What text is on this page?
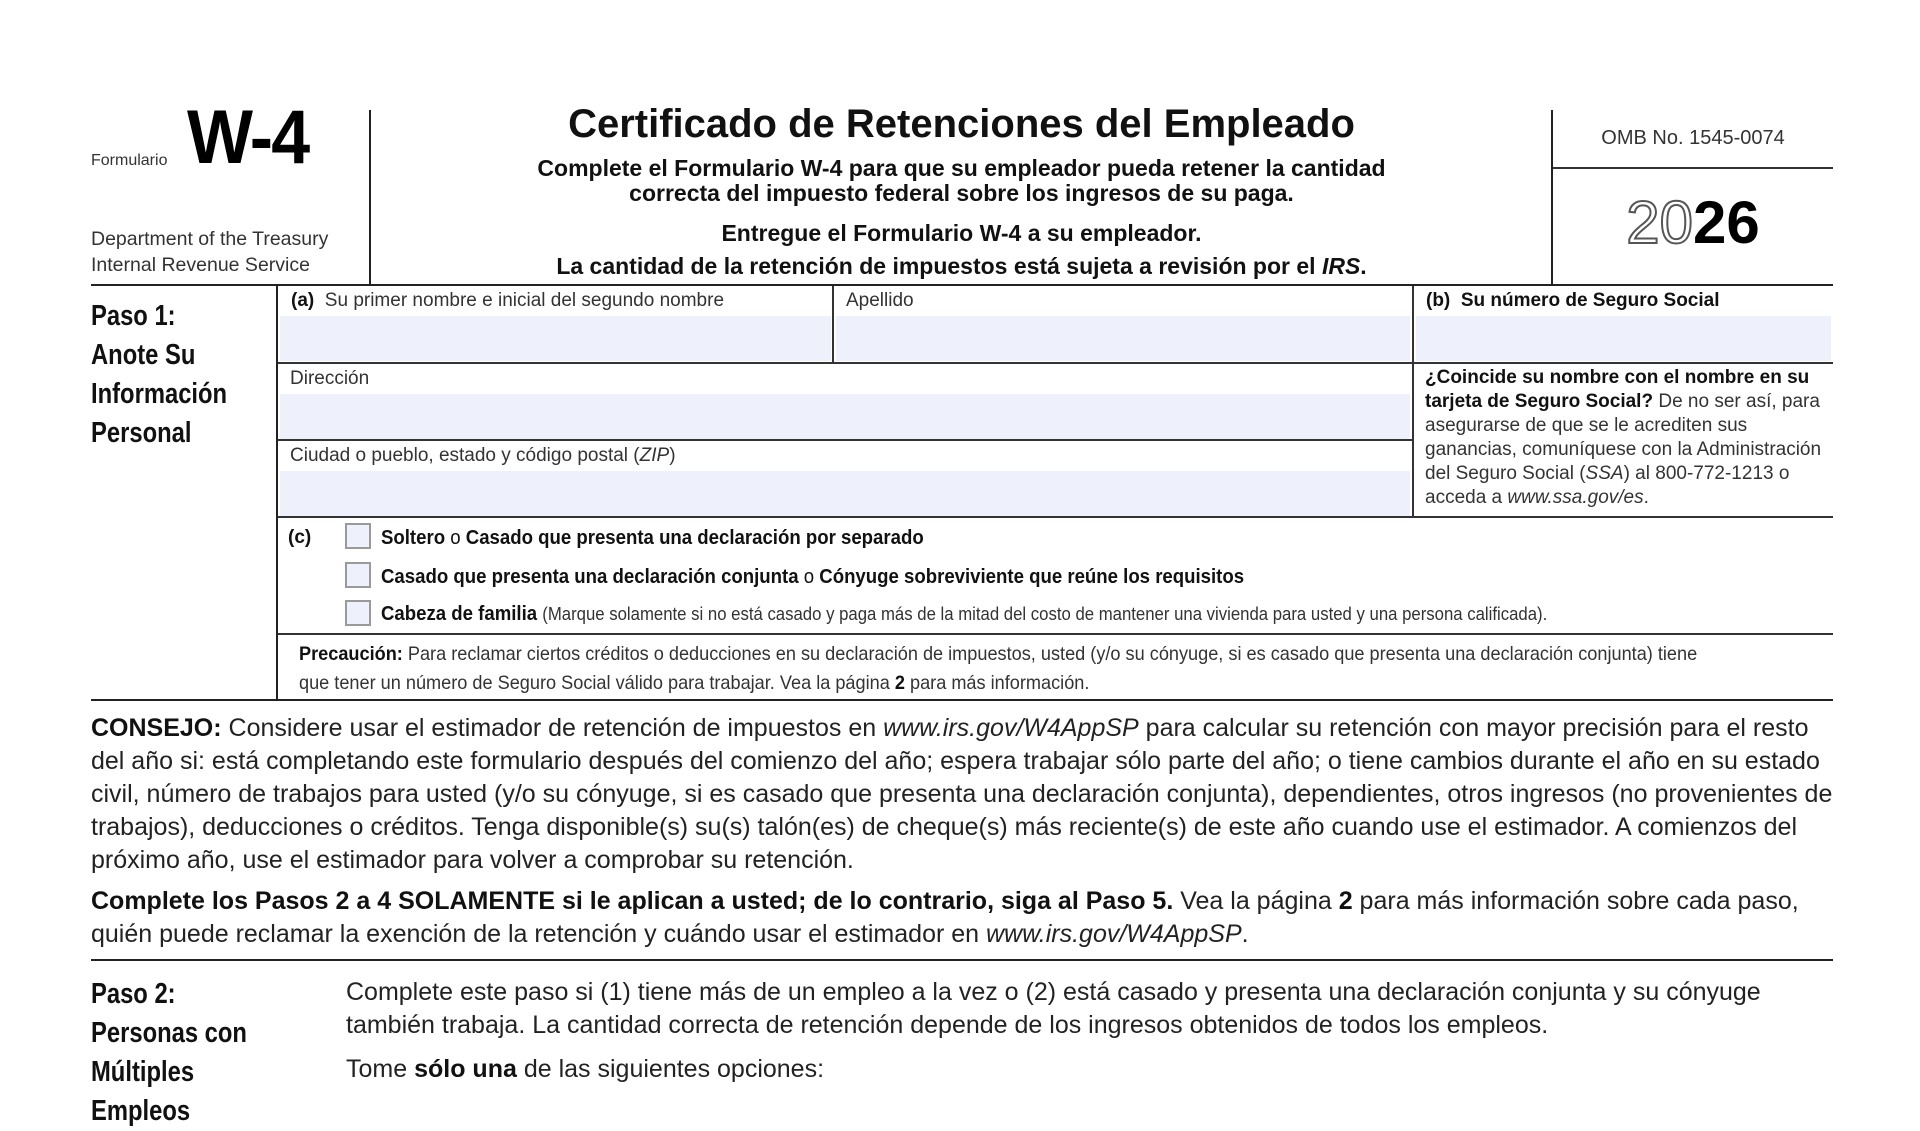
Formulario W-4
Department of the Treasury
Internal Revenue Service
Certificado de Retenciones del Empleado
Complete el Formulario W-4 para que su empleador pueda retener la cantidad
correcta del impuesto federal sobre los ingresos de su paga.
Entregue el Formulario W-4 a su empleador.
La cantidad de la retención de impuestos está sujeta a revisión por el IRS.
OMB No. 1545-0074
2026
Paso 1:
Anote Su
Información
Personal
(a) Su primer nombre e inicial del segundo nombre	Apellido	(b) Su número de Seguro Social
Dirección
Ciudad o pueblo, estado y código postal (ZIP)
¿Coincide su nombre con el nombre en su tarjeta de Seguro Social? De no ser así, para asegurarse de que se le acrediten sus ganancias, comuníquese con la Administración del Seguro Social (SSA) al 800-772-1213 o acceda a www.ssa.gov/es.
(c)	Soltero o Casado que presenta una declaración por separado
Casado que presenta una declaración conjunta o Cónyuge sobreviviente que reúne los requisitos
Cabeza de familia (Marque solamente si no está casado y paga más de la mitad del costo de mantener una vivienda para usted y una persona calificada).
Precaución: Para reclamar ciertos créditos o deducciones en su declaración de impuestos, usted (y/o su cónyuge, si es casado que presenta una declaración conjunta) tiene que tener un número de Seguro Social válido para trabajar. Vea la página 2 para más información.
CONSEJO: Considere usar el estimador de retención de impuestos en www.irs.gov/W4AppSP para calcular su retención con mayor precisión para el resto del año si: está completando este formulario después del comienzo del año; espera trabajar sólo parte del año; o tiene cambios durante el año en su estado civil, número de trabajos para usted (y/o su cónyuge, si es casado que presenta una declaración conjunta), dependientes, otros ingresos (no provenientes de trabajos), deducciones o créditos. Tenga disponible(s) su(s) talón(es) de cheque(s) más reciente(s) de este año cuando use el estimador. A comienzos del próximo año, use el estimador para volver a comprobar su retención.
Complete los Pasos 2 a 4 SOLAMENTE si le aplican a usted; de lo contrario, siga al Paso 5. Vea la página 2 para más información sobre cada paso, quién puede reclamar la exención de la retención y cuándo usar el estimador en www.irs.gov/W4AppSP.
Paso 2:
Personas con
Múltiples
Empleos
Complete este paso si (1) tiene más de un empleo a la vez o (2) está casado y presenta una declaración conjunta y su cónyuge también trabaja. La cantidad correcta de retención depende de los ingresos obtenidos de todos los empleos.
Tome sólo una de las siguientes opciones:
